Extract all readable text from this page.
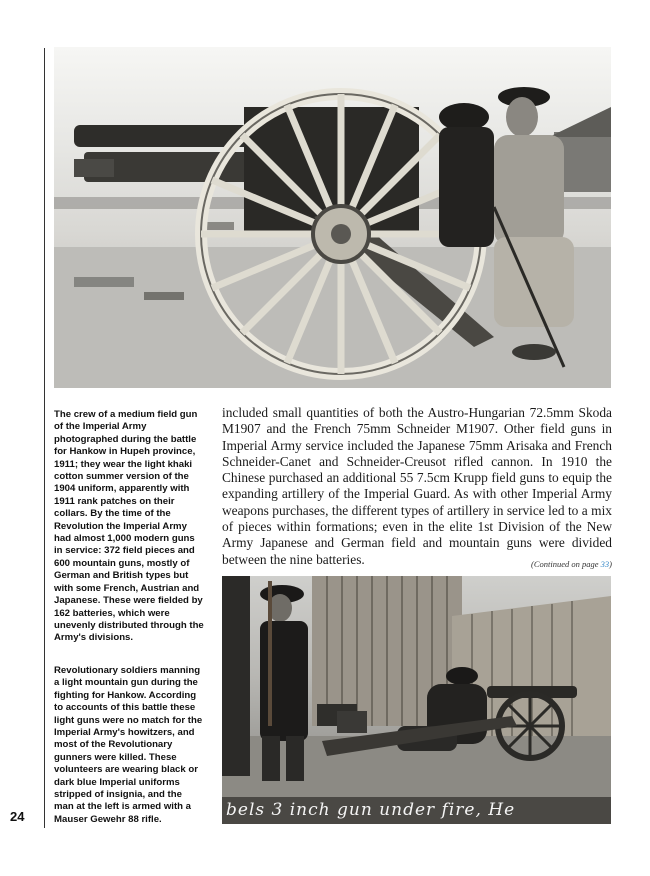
24
The crew of a medium field gun of the Imperial Army photographed during the battle for Hankow in Hupeh province, 1911; they wear the light khaki cotton summer version of the 1904 uniform, apparently with 1911 rank patches on their collars. By the time of the Revolution the Imperial Army had almost 1,000 modern guns in service: 372 field pieces and 600 mountain guns, mostly of German and British types but with some French, Austrian and Japanese. These were fielded by 162 batteries, which were unevenly distributed through the Army's divisions.
Revolutionary soldiers manning a light mountain gun during the fighting for Hankow. According to accounts of this battle these light guns were no match for the Imperial Army's howitzers, and most of the Revolutionary gunners were killed. These volunteers are wearing black or dark blue Imperial uniforms stripped of insignia, and the man at the left is armed with a Mauser Gewehr 88 rifle.
included small quantities of both the Austro-Hungarian 72.5mm Skoda M1907 and the French 75mm Schneider M1907. Other field guns in Imperial Army service included the Japanese 75mm Arisaka and French Schneider-Canet and Schneider-Creusot rifled cannon. In 1910 the Chinese purchased an additional 55 7.5cm Krupp field guns to equip the expanding artillery of the Imperial Guard. As with other Imperial Army weapons purchases, the different types of artillery in service led to a mix of pieces within formations; even in the elite 1st Division of the New Army Japanese and German field and mountain guns were divided between the nine batteries.	(Continued on page 33)
bels 3 inch gun under fire, He
